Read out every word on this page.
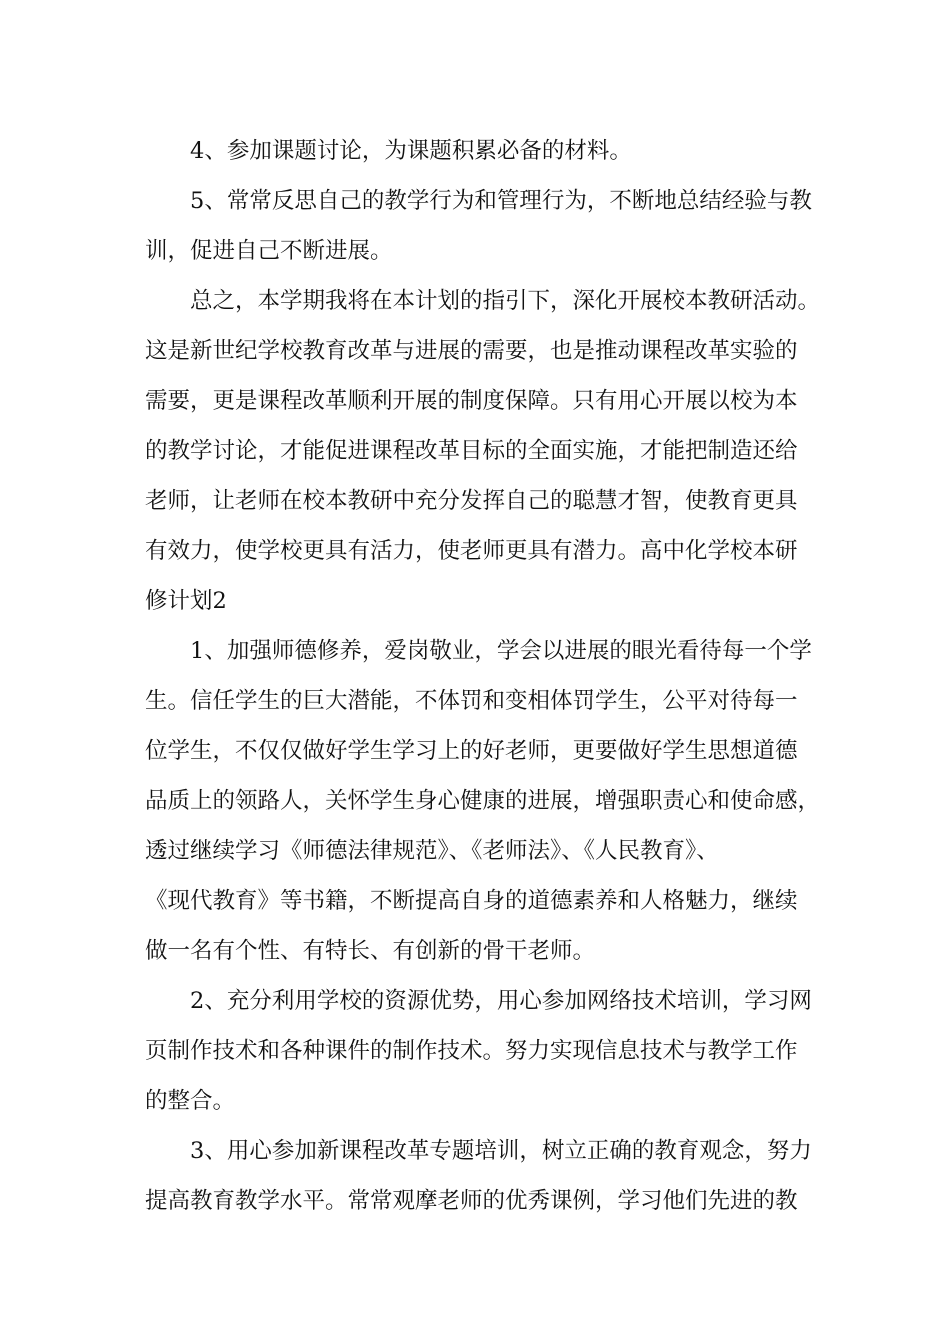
4、参加课题讨论，为课题积累必备的材料。

5、常常反思自己的教学行为和管理行为，不断地总结经验与教

训，促进自己不断进展。

总之，本学期我将在本计划的指引下，深化开展校本教研活动。

这是新世纪学校教育改革与进展的需要，也是推动课程改革实验的

需要，更是课程改革顺利开展的制度保障。只有用心开展以校为本

的教学讨论，才能促进课程改革目标的全面实施，才能把制造还给

老师，让老师在校本教研中充分发挥自己的聪慧才智，使教育更具

有效力，使学校更具有活力，使老师更具有潜力。高中化学校本研

修计划2

1、加强师德修养，爱岗敬业，学会以进展的眼光看待每一个学

生。信任学生的巨大潜能，不体罚和变相体罚学生，公平对待每一

位学生，不仅仅做好学生学习上的好老师，更要做好学生思想道德

品质上的领路人，关怀学生身心健康的进展，增强职责心和使命感，

透过继续学习《师德法律规范》、《老师法》、《人民教育》、

《现代教育》等书籍，不断提高自身的道德素养和人格魅力，继续

做一名有个性、有特长、有创新的骨干老师。

2、充分利用学校的资源优势，用心参加网络技术培训，学习网

页制作技术和各种课件的制作技术。努力实现信息技术与教学工作

的整合。

3、用心参加新课程改革专题培训，树立正确的教育观念，努力

提高教育教学水平。常常观摩老师的优秀课例，学习他们先进的教
